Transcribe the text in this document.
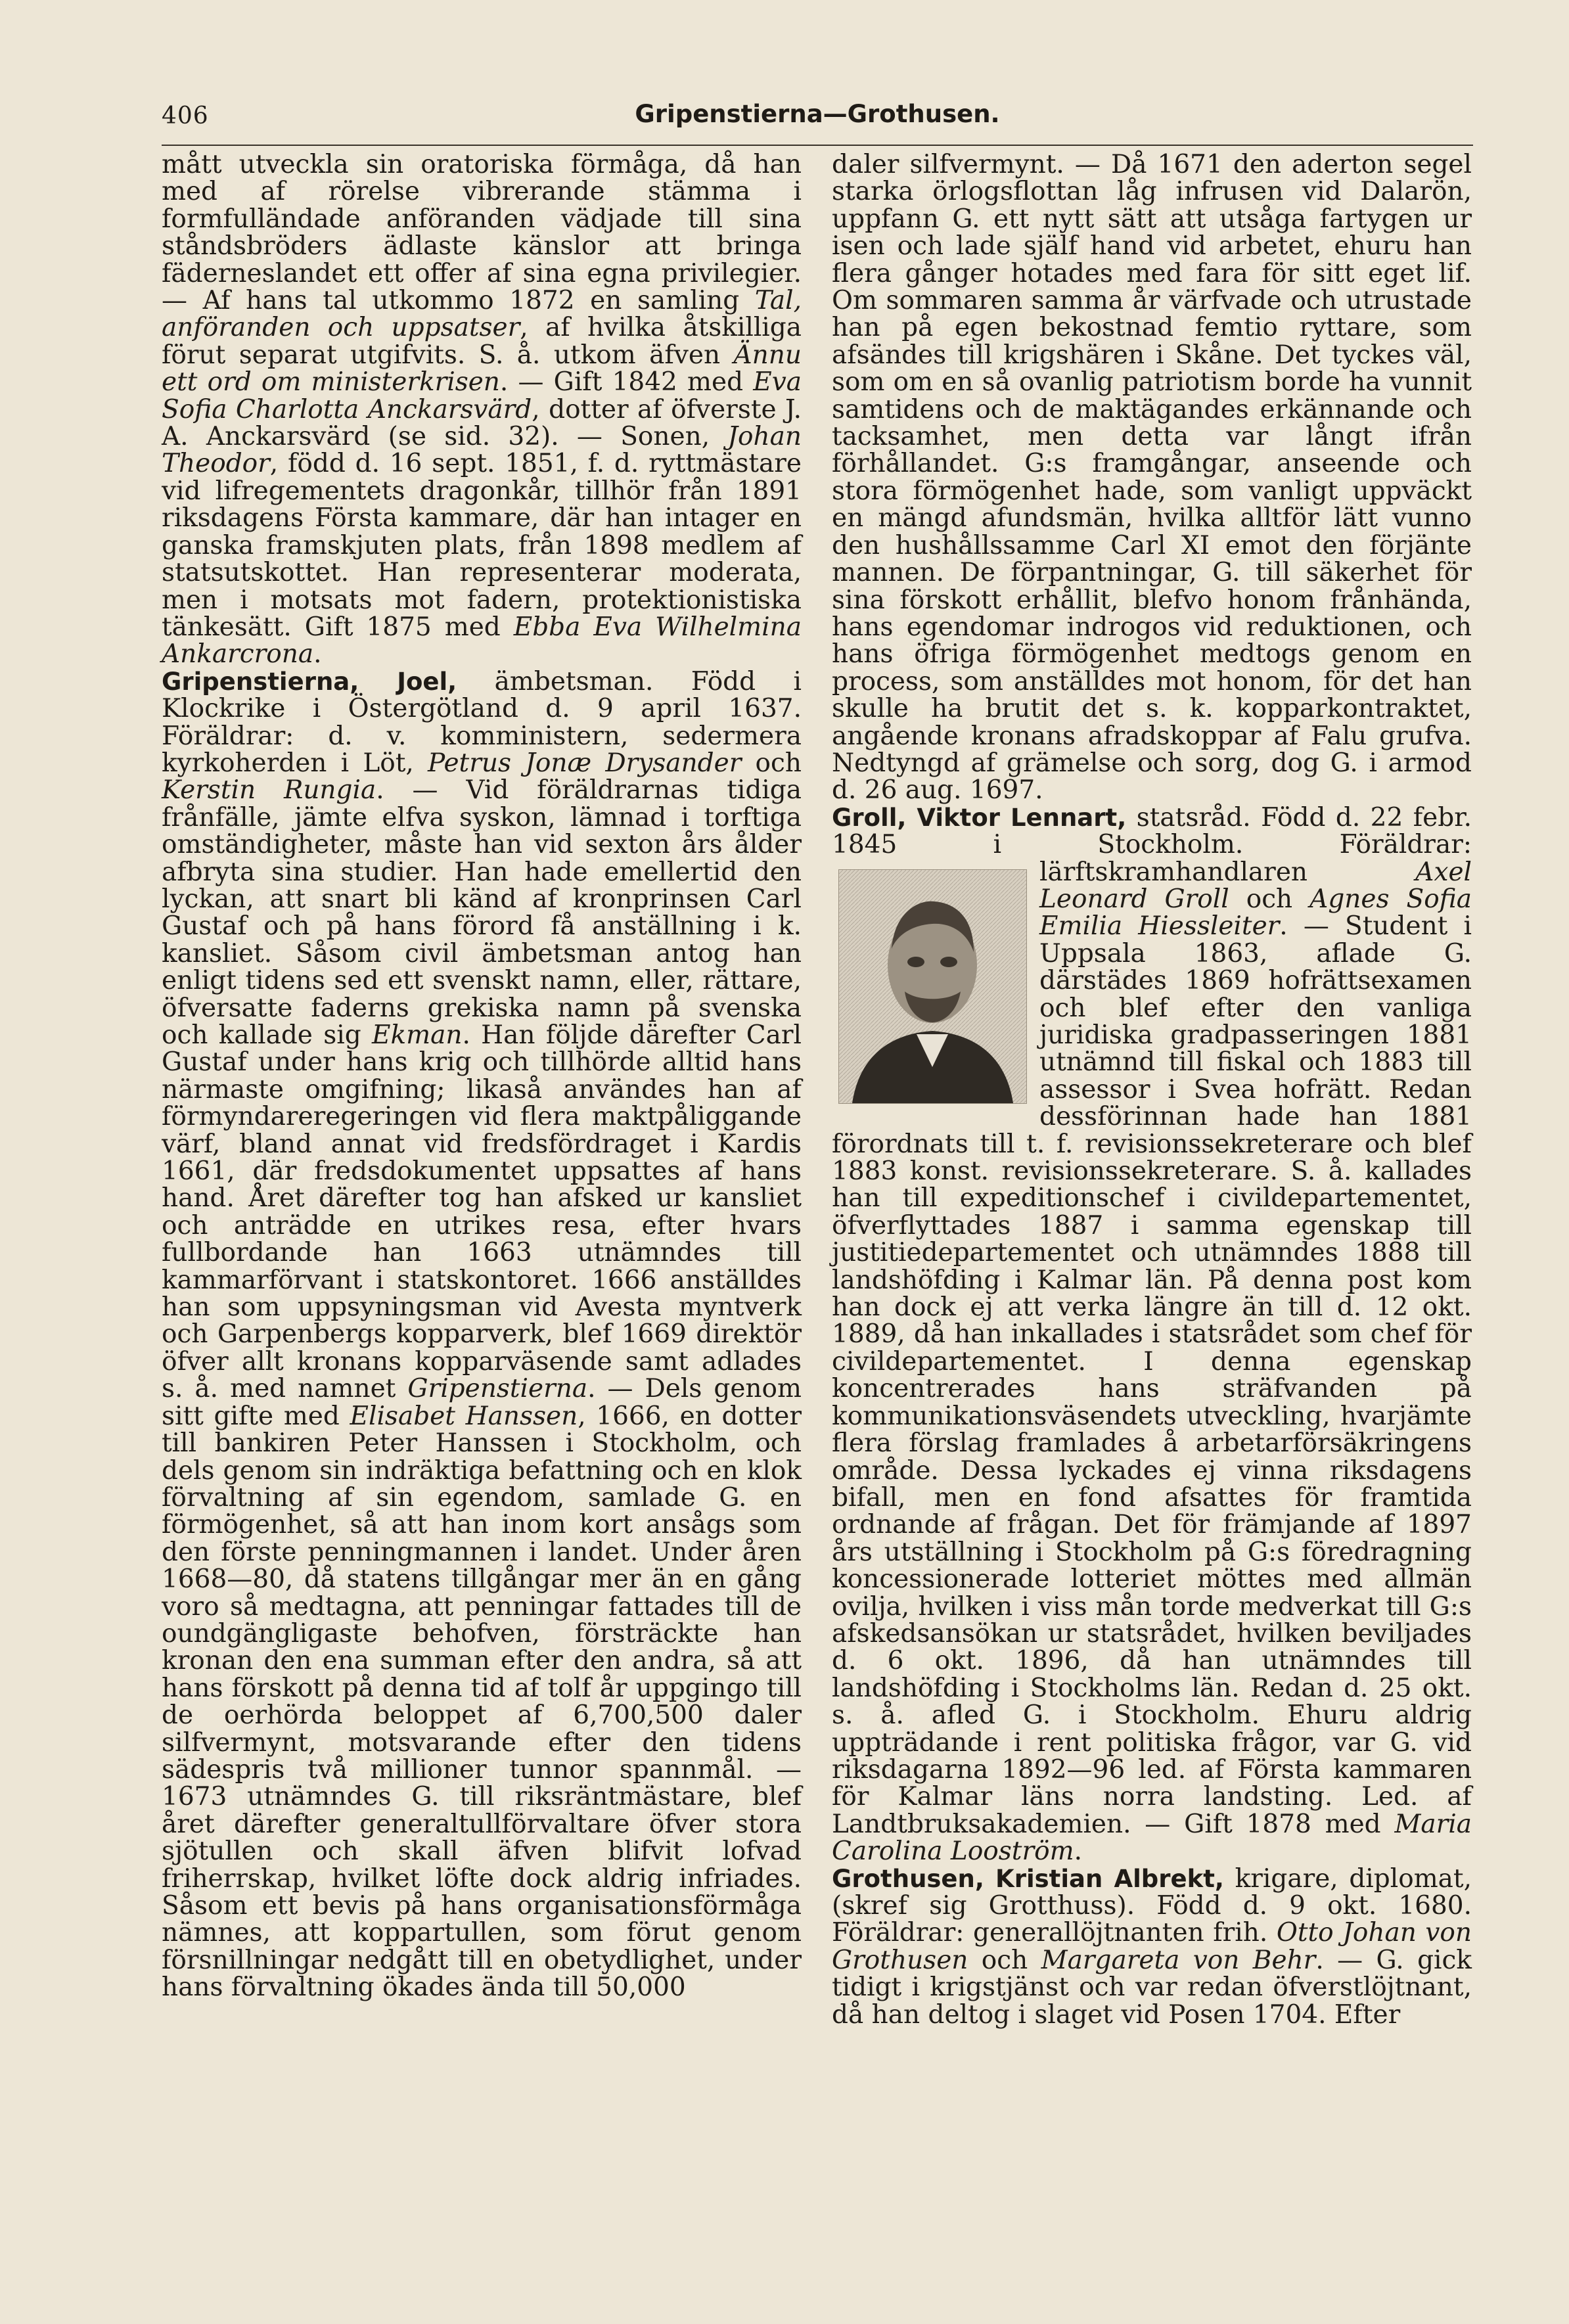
406	Gripenstierna—Grothusen.

mått utveckla sin oratoriska förmåga, då han med af rörelse vibrerande stämma i formfulländade anföranden vädjade till sina ståndsbröders ädlaste känslor att bringa fäderneslandet ett offer af sina egna privilegier. — Af hans tal utkommo 1872 en samling Tal, anföranden och uppsatser, af hvilka åtskilliga förut separat utgifvits. S. å. utkom äfven Ännu ett ord om ministerkrisen. — Gift 1842 med Eva Sofia Charlotta Anckarsvärd, dotter af öfverste J. A. Anckarsvärd (se sid. 32). — Sonen, Johan Theodor, född d. 16 sept. 1851, f. d. ryttmästare vid lifregementets dragonkår, tillhör från 1891 riksdagens Första kammare, där han intager en ganska framskjuten plats, från 1898 medlem af statsutskottet. Han representerar moderata, men i motsats mot fadern, protektionistiska tänkesätt. Gift 1875 med Ebba Eva Wilhelmina Ankarcrona.

Gripenstierna, Joel, ämbetsman. Född i Klockrike i Östergötland d. 9 april 1637. Föräldrar: d. v. komministern, sedermera kyrkoherden i Löt, Petrus Jonæ Drysander och Kerstin Rungia. — Vid föräldrarnas tidiga frånfälle, jämte elfva syskon, lämnad i torftiga omständigheter, måste han vid sexton års ålder afbryta sina studier. Han hade emellertid den lyckan, att snart bli känd af kronprinsen Carl Gustaf och på hans förord få anställning i k. kansliet. Såsom civil ämbetsman antog han enligt tidens sed ett svenskt namn, eller, rättare, öfversatte faderns grekiska namn på svenska och kallade sig Ekman. Han följde därefter Carl Gustaf under hans krig och tillhörde alltid hans närmaste omgifning; likaså användes han af förmyndareregeringen vid flera maktpåliggande värf, bland annat vid fredsfördraget i Kardis 1661, där fredsdokumentet uppsattes af hans hand. Året därefter tog han afsked ur kansliet och anträdde en utrikes resa, efter hvars fullbordande han 1663 utnämndes till kammarförvant i statskontoret. 1666 anställdes han som uppsyningsman vid Avesta myntverk och Garpenbergs kopparverk, blef 1669 direktör öfver allt kronans kopparväsende samt adlades s. å. med namnet Gripenstierna. — Dels genom sitt gifte med Elisabet Hanssen, 1666, en dotter till bankiren Peter Hanssen i Stockholm, och dels genom sin indräktiga befattning och en klok förvaltning af sin egendom, samlade G. en förmögenhet, så att han inom kort ansågs som den förste penningmannen i landet. Under åren 1668—80, då statens tillgångar mer än en gång voro så medtagna, att penningar fattades till de oundgängligaste behofven, försträckte han kronan den ena summan efter den andra, så att hans förskott på denna tid af tolf år uppgingo till de oerhörda beloppet af 6,700,500 daler silfvermynt, motsvarande efter den tidens sädespris två millioner tunnor spannmål. — 1673 utnämndes G. till riksräntmästare, blef året därefter generaltullförvaltare öfver stora sjötullen och skall äfven blifvit lofvad friherrskap, hvilket löfte dock aldrig infriades. Såsom ett bevis på hans organisationsförmåga nämnes, att koppartullen, som förut genom försnillningar nedgått till en obetydlighet, under hans förvaltning ökades ända till 50,000

daler silfvermynt. — Då 1671 den aderton segel starka örlogsflottan låg infrusen vid Dalarön, uppfann G. ett nytt sätt att utsåga fartygen ur isen och lade själf hand vid arbetet, ehuru han flera gånger hotades med fara för sitt eget lif. Om sommaren samma år värfvade och utrustade han på egen bekostnad femtio ryttare, som afsändes till krigshären i Skåne. Det tyckes väl, som om en så ovanlig patriotism borde ha vunnit samtidens och de maktägandes erkännande och tacksamhet, men detta var långt ifrån förhållandet. G:s framgångar, anseende och stora förmögenhet hade, som vanligt uppväckt en mängd afundsmän, hvilka alltför lätt vunno den hushållssamme Carl XI emot den förjänte mannen. De förpantningar, G. till säkerhet för sina förskott erhållit, blefvo honom frånhända, hans egendomar indrogos vid reduktionen, och hans öfriga förmögenhet medtogs genom en process, som anställdes mot honom, för det han skulle ha brutit det s. k. kopparkontraktet, angående kronans afradskoppar af Falu grufva. Nedtyngd af grämelse och sorg, dog G. i armod d. 26 aug. 1697.

Groll, Viktor Lennart, statsråd. Född d. 22 febr. 1845 i Stockholm. Föräldrar: lärftskramhandlaren
Axel Leonard Groll och Agnes Sofia Emilia Hiessleiter. — Student i Uppsala 1863, aflade G. därstädes 1869 hofrättsexamen och blef efter den vanliga juridiska gradpasseringen 1881 utnämnd till fiskal och 1883 till assessor i Svea hofrätt. Redan dessförinnan hade han 1881 förordnats till t. f. revisionssekreterare och blef 1883 konst. revisionssekreterare. S. å. kallades han till expeditionschef i civildepartementet, öfverflyttades 1887 i samma egenskap till justitiedepartementet och utnämndes 1888 till landshöfding i Kalmar län. På denna post kom han dock ej att verka längre än till d. 12 okt. 1889, då han inkallades i statsrådet som chef för civildepartementet. I denna egenskap koncentrerades hans sträfvanden på kommunikationsväsendets utveckling, hvarjämte flera förslag framlades å arbetarförsäkringens område. Dessa lyckades ej vinna riksdagens bifall, men en fond afsattes för framtida ordnande af frågan. Det för främjande af 1897 års utställning i Stockholm på G:s föredragning koncessionerade lotteriet möttes med allmän ovilja, hvilken i viss mån torde medverkat till G:s afskedsansökan ur statsrådet, hvilken beviljades d. 6 okt. 1896, då han utnämndes till landshöfding i Stockholms län. Redan d. 25 okt. s. å. afled G. i Stockholm. Ehuru aldrig uppträdande i rent politiska frågor, var G. vid riksdagarna 1892—96 led. af Första kammaren för Kalmar läns norra landsting. Led. af Landtbruksakademien. — Gift 1878 med Maria Carolina Looström.

Grothusen, Kristian Albrekt, krigare, diplomat, (skref sig Grotthuss). Född d. 9 okt. 1680. Föräldrar: generallöjtnanten frih. Otto Johan von Grothusen och Margareta von Behr. — G. gick tidigt i krigstjänst och var redan öfverstlöjtnant, då han deltog i slaget vid Posen 1704. Efter
